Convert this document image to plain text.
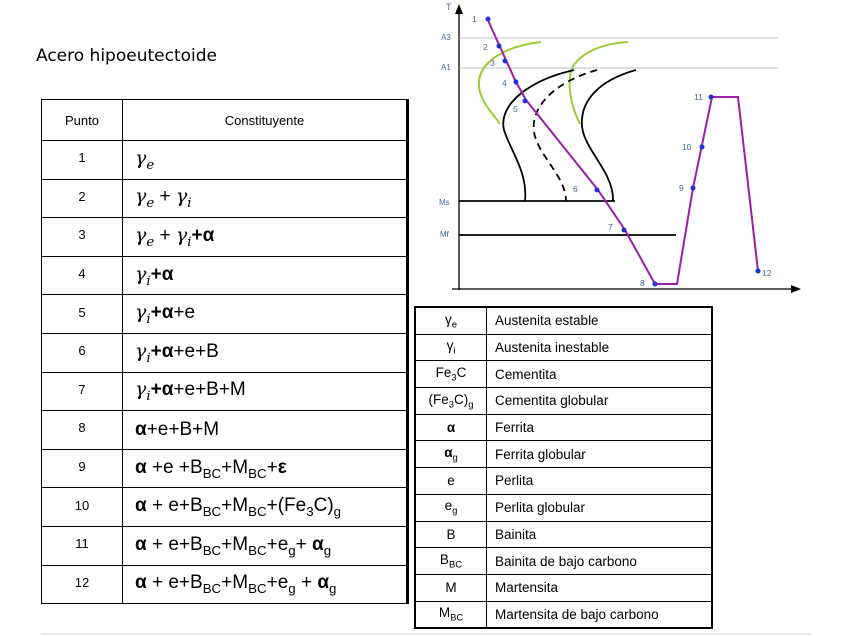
Acero hipoeutectoide
Punto	Constituyente
1	$\gamma_e$
2	$\gamma_e + \gamma_i$
3	$\gamma_e + \gamma_i+\alpha$
4	$\gamma_i+\alpha$
5	$\gamma_i+\alpha+e$
6	$\gamma_i+\alpha+e+B$
7	$\gamma_i+\alpha+e+B+M$
8	α+e+B+M
9	$\alpha +e +B_{BC}+M_{BC}+\varepsilon$
10	$\alpha + e+B_{BC}+M_{BC}+(Fe_3C)_g$
11	$\alpha + e+B_{BC}+M_{BC}+e_g+ \alpha_g$
12	$\alpha + e+B_{BC}+M_{BC}+e_g + \alpha_g$
$\gamma_e$	Austenita estable
$\gamma_i$	Austenita inestable
$Fe_3C$	Cementita
$(Fe_3C)_g$	Cementita globular
α	Ferrita
$\alpha_g$	Ferrita globular
e	Perlita
$e_g$	Perlita globular
B	Bainita
$B_{BC}$	Bainita de bajo carbono
M	Martensita
$M_{BC}$	Martensita de bajo carbono
T
A3
A1
Ms
Mf
1
2
3
4
5
6
7
8
9
10
11
12
